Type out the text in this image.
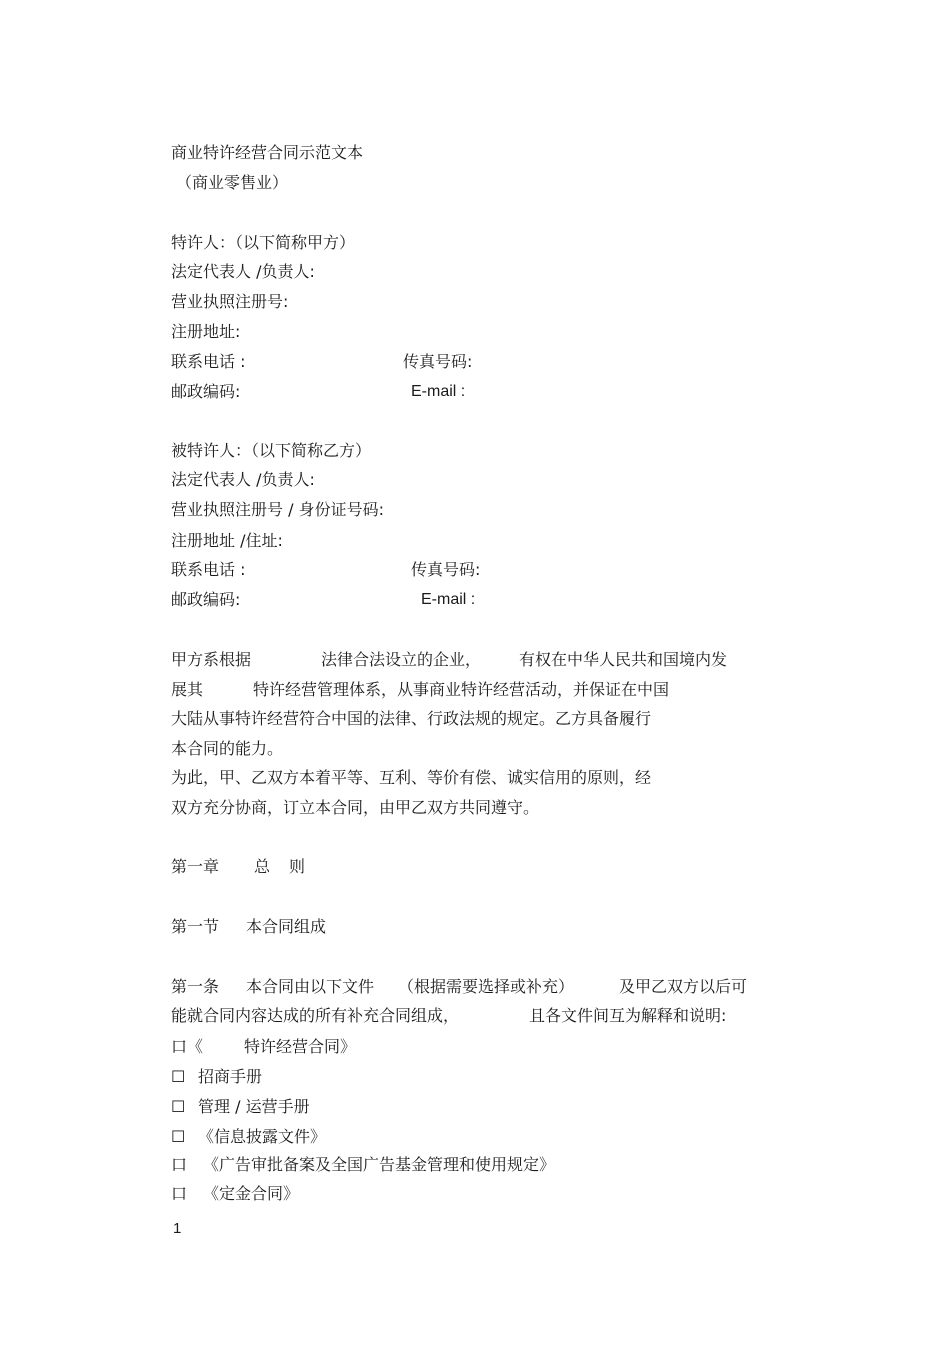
商业特许经营合同示范文本
（商业零售业）
特许人：（以下简称甲方）
法定代表人 /负责人:
营业执照注册号:
注册地址:
联系电话 :	传真号码:
邮政编码:	E-mail :
被特许人：（以下简称乙方）
法定代表人 /负责人:
营业执照注册号 / 身份证号码:
注册地址 /住址:
联系电话 :	传真号码:
邮政编码:	E-mail :
甲方系根据	法律合法设立的企业， 有权在中华人民共和国境内发
展其	特许经营管理体系，从事商业特许经营活动，并保证在中国
大陆从事特许经营符合中国的法律、行政法规的规定。乙方具备履行
本合同的能力。
为此，甲、乙双方本着平等、互利、等价有偿、诚实信用的原则，经
双方充分协商，订立本合同，由甲乙双方共同遵守。
第一章 总 则
第一节 本合同组成
第一条 本合同由以下文件 （根据需要选择或补充）	及甲乙双方以后可
能就合同内容达成的所有补充合同组成，	且各文件间互为解释和说明:
口《	特许经营合同》
☐ 招商手册
☐ 管理 / 运营手册
☐ 《信息披露文件》
口 《广告审批备案及全国广告基金管理和使用规定》
口 《定金合同》
1
